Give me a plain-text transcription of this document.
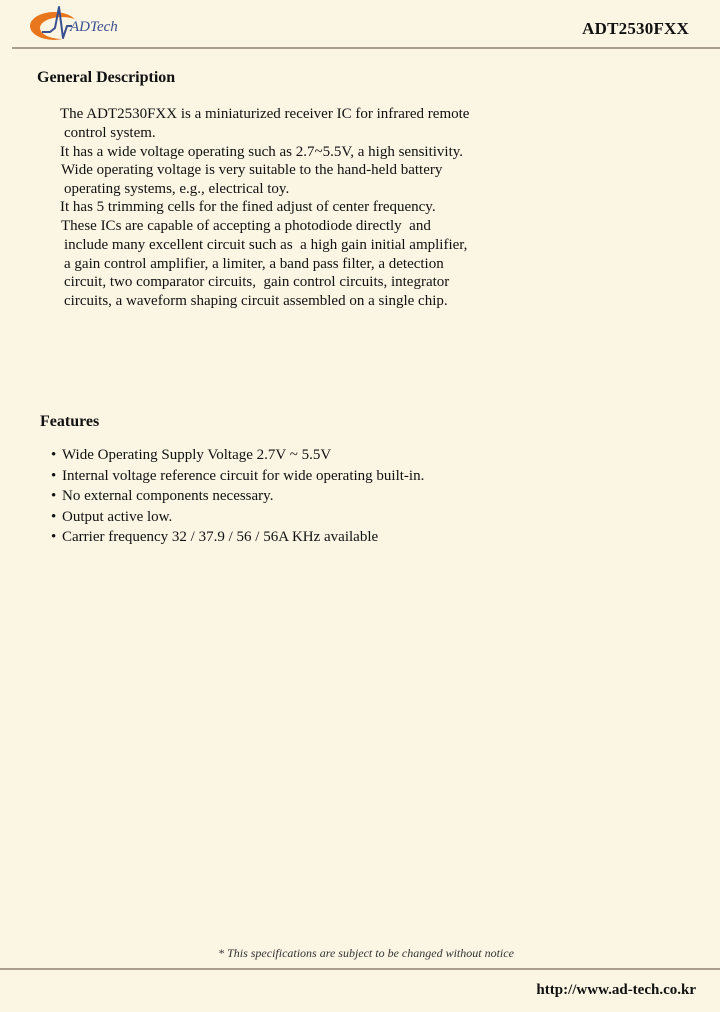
ADTech	ADT2530FXX
General Description
The ADT2530FXX is a miniaturized receiver IC for infrared remote
control system.
It has a wide voltage operating such as 2.7~5.5V, a high sensitivity.
Wide operating voltage is very suitable to the hand-held battery
operating systems, e.g., electrical toy.
It has 5 trimming cells for the fined adjust of center frequency.
These ICs are capable of accepting a photodiode directly  and
include many excellent circuit such as  a high gain initial amplifier,
a gain control amplifier, a limiter, a band pass filter, a detection
circuit, two comparator circuits,  gain control circuits, integrator
circuits, a waveform shaping circuit assembled on a single chip.
Features
• Wide Operating Supply Voltage 2.7V ~ 5.5V
• Internal voltage reference circuit for wide operating built-in.
• No external components necessary.
• Output active low.
• Carrier frequency 32 / 37.9 / 56 / 56A KHz available
* This specifications are subject to be changed without notice
http://www.ad-tech.co.kr
